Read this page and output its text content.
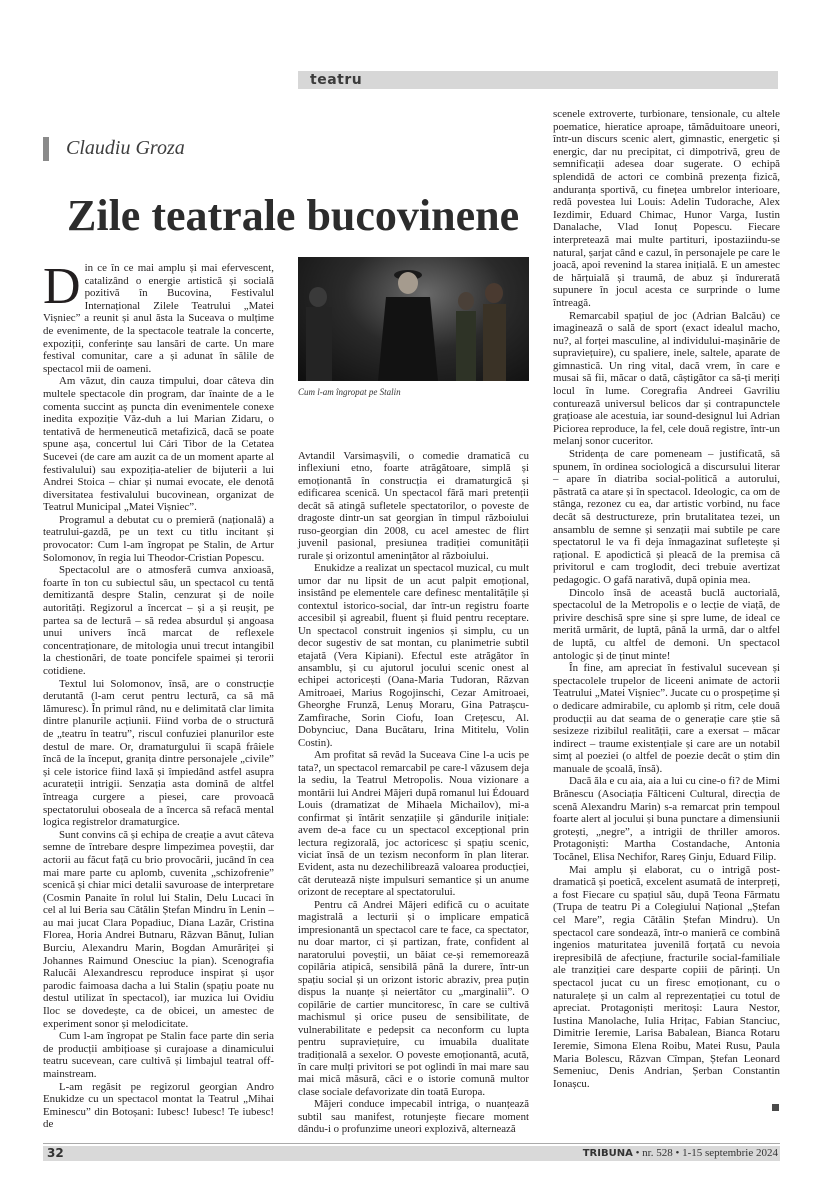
teatru
Claudiu Groza
Zile teatrale bucovinene

Din ce în ce mai amplu și mai efervescent, catalizând o energie artistică și socială pozitivă în Bucovina, Festivalul Internațional Zilele Teatrului „Matei Vișniec” a reunit și anul ăsta la Suceava o mulțime de evenimente, de la spectacole teatrale la concerte, expoziții, conferințe sau lansări de carte. Un mare festival comunitar, care a și adunat în sălile de spectacol mii de oameni.

Am văzut, din cauza timpului, doar câteva din multele spectacole din program, dar înainte de a le comenta succint aș puncta din evenimentele conexe inedita expoziție Văz-duh a lui Marian Zidaru, o tentativă de hermeneutică metafizică, dacă se poate spune așa, concertul lui Cári Tibor de la Cetatea Sucevei (de care am auzit ca de un moment aparte al festivalului) sau expoziția-atelier de bijuterii a lui Andrei Stoica – chiar și numai evocate, ele denotă diversitatea festivalului bucovinean, organizat de Teatrul Municipal „Matei Vișniec”.

Programul a debutat cu o premieră (națională) a teatrului-gazdă, pe un text cu titlu incitant și provocator: Cum l-am îngropat pe Stalin, de Artur Solomonov, în regia lui Theodor-Cristian Popescu.

Spectacolul are o atmosferă cumva anxioasă, foarte în ton cu subiectul său, un spectacol cu tentă demitizantă despre Stalin, cenzurat și de noile autorități. Regizorul a încercat – și a și reușit, pe partea sa de lectură – să redea absurdul și angoasa unui univers încă marcat de reflexele concentraționare, de mitologia unui trecut intangibil la chestionări, de toate poncifele spaimei și terorii cotidiene.

Textul lui Solomonov, însă, are o construcție derutantă (l-am cerut pentru lectură, ca să mă lămuresc). În primul rând, nu e delimitată clar limita dintre planurile acțiunii. Fiind vorba de o structură de „teatru în teatru”, riscul confuziei planurilor este destul de mare. Or, dramaturgului îi scapă frâiele încă de la început, granița dintre personajele „civile” și cele istorice fiind laxă și împiedând astfel asupra acurateții intrigii. Senzația asta domină de altfel întreaga curgere a piesei, care provoacă spectatorului oboseala de a încerca să refacă mental logica registrelor dramaturgice.

Sunt convins că și echipa de creație a avut câteva semne de întrebare despre limpezimea poveștii, dar actorii au făcut față cu brio provocării, jucând în cea mai mare parte cu aplomb, cuvenita „schizofrenie” scenică și chiar mici detalii savuroase de interpretare (Cosmin Panaite în rolul lui Stalin, Delu Lucaci în cel al lui Beria sau Cătălin Ștefan Mindru în Lenin – au mai jucat Clara Popadiuc, Diana Lazăr, Cristina Florea, Horia Andrei Butnaru, Răzvan Bănuț, Iulian Burciu, Alexandru Marin, Bogdan Amurăriței și Johannes Raimund Onesciuc la pian). Scenografia Ralucăi Alexandrescu reproduce inspirat și ușor parodic faimoasa dacha a lui Stalin (spațiu poate nu destul utilizat în spectacol), iar muzica lui Ovidiu Iloc se dovedește, ca de obicei, un amestec de experiment sonor și melodicitate.

Cum l-am îngropat pe Stalin face parte din seria de producții ambițioase și curajoase a dinamicului teatru sucevean, care cultivă și limbajul teatral off-mainstream.

L-am regăsit pe regizorul georgian Andro Enukidze cu un spectacol montat la Teatrul „Mihai Eminescu” din Botoșani: Iubesc! Iubesc! Te iubesc! de

Cum l-am îngropat pe Stalin

Avtandil Varsimașvili, o comedie dramatică cu inflexiuni etno, foarte atrăgătoare, simplă și emoționantă în construcția ei dramaturgică și edificarea scenică. Un spectacol fără mari pretenții decât să atingă sufletele spectatorilor, o poveste de dragoste dintr-un sat georgian în timpul războiului ruso-georgian din 2008, cu acel amestec de flirt juvenil pasional, presiunea tradiției comunității rurale și orizontul amenințător al războiului.

Enukidze a realizat un spectacol muzical, cu mult umor dar nu lipsit de un acut palpit emoțional, insistând pe elementele care definesc mentalitățile și contextul istorico-social, dar într-un registru foarte accesibil și agreabil, fluent și fluid pentru receptare. Un spectacol construit ingenios și simplu, cu un decor sugestiv de sat montan, cu planimetrie subtil etajată (Vera Kipiani). Efectul este atrăgător în ansamblu, și cu ajutorul jocului scenic onest al echipei actoricești (Oana-Maria Tudoran, Răzvan Amitroaei, Marius Rogojinschi, Cezar Amitroaei, Gheorghe Frunză, Lenuș Moraru, Gina Patrașcu-Zamfirache, Sorin Ciofu, Ioan Crețescu, Al. Dobynciuc, Dana Bucătaru, Irina Mititelu, Volin Costin).

Am profitat să revăd la Suceava Cine l-a ucis pe tata?, un spectacol remarcabil pe care-l văzusem deja la sediu, la Teatrul Metropolis. Noua vizionare a montării lui Andrei Măjeri după romanul lui Édouard Louis (dramatizat de Mihaela Michailov), mi-a confirmat și întărit senzațiile și gândurile inițiale: avem de-a face cu un spectacol excepțional prin lectura regizorală, joc actoricesc și spațiu scenic, viciat însă de un tezism neconform în plan literar. Evident, asta nu dezechilibrează valoarea producției, cât derutează niște impulsuri semantice și un anume orizont de receptare al spectatorului.

Pentru că Andrei Măjeri edifică cu o acuitate magistrală a lecturii și o implicare empatică impresionantă un spectacol care te face, ca spectator, nu doar martor, ci și partizan, frate, confident al naratorului poveștii, un băiat ce-și rememorează copilăria atipică, sensibilă până la durere, într-un spațiu social și un orizont istoric abraziv, prea puțin dispus la nuanțe și neiertător cu „marginalii”. O copilărie de cartier muncitoresc, în care se cultivă machismul și orice puseu de sensibilitate, de vulnerabilitate e pedepsit ca neconform cu lupta pentru supraviețuire, cu imuabila dualitate tradițională a sexelor. O poveste emoționantă, acută, în care mulți privitori se pot oglindi în mai mare sau mai mică măsură, căci e o istorie comună multor clase sociale defavorizate din toată Europa.

Măjeri conduce impecabil intriga, o nuanțează subtil sau manifest, rotunjește fiecare moment dându-i o profunzime uneori explozivă, alternează

scenele extroverte, turbionare, tensionale, cu altele poematice, hieratice aproape, tămăduitoare uneori, într-un discurs scenic alert, gimnastic, energetic și energic, dar nu precipitat, ci dimpotrivă, greu de semnificații adesea doar sugerate. O echipă splendidă de actori ce combină prezența fizică, anduranța sportivă, cu finețea umbrelor interioare, redă povestea lui Louis: Adelin Tudorache, Alex Iezdimir, Eduard Chimac, Hunor Varga, Iustin Danalache, Vlad Ionuț Popescu. Fiecare interpretează mai multe partituri, ipostaziindu-se natural, șarjat când e cazul, în personajele pe care le joacă, apoi revenind la starea inițială. E un amestec de hărțuială și traumă, de abuz și îndurerată supunere în jocul acesta ce surprinde o lume întreagă.

Remarcabil spațiul de joc (Adrian Balcău) ce imaginează o sală de sport (exact idealul macho, nu?, al forței masculine, al individului-mașinărie de supraviețuire), cu spaliere, inele, saltele, aparate de gimnastică. Un ring vital, dacă vrem, în care e musai să fii, măcar o dată, câștigător ca să-ți meriți locul în lume. Coregrafia Andreei Gavriliu conturează universul belicos dar și contrapunctele grațioase ale acestuia, iar sound-designul lui Adrian Piciorea reproduce, la fel, cele două registre, într-un melanj sonor cuceritor.

Stridența de care pomeneam – justificată, să spunem, în ordinea sociologică a discursului literar – apare în diatriba social-politică a autorului, păstrată ca atare și în spectacol. Ideologic, ca om de stânga, rezonez cu ea, dar artistic vorbind, nu face decât să destructureze, prin brutalitatea tezei, un ansamblu de semne și senzații mai subtile pe care spectatorul le va fi deja înmagazinat sufletește și rațional. E apodictică și pleacă de la premisa că privitorul e cam troglodit, deci trebuie avertizat pedagogic. O gafă narativă, după opinia mea.

Dincolo însă de această buclă auctorială, spectacolul de la Metropolis e o lecție de viață, de privire deschisă spre sine și spre lume, de ideal ce merită urmărit, de luptă, până la urmă, dar o altfel de luptă, cu altfel de demoni. Un spectacol antologic și de ținut minte!

În fine, am apreciat în festivalul sucevean și spectacolele trupelor de liceeni animate de actorii Teatrului „Matei Vișniec”. Jucate cu o prospețime și o dedicare admirabile, cu aplomb și ritm, cele două producții au dat seama de o generație care știe să sesizeze rizibilul realității, care a exersat – măcar indirect – traume existențiale și care are un notabil simț al poeziei (o altfel de poezie decât o știm din manuale de școală, însă).

Dacă ăla e cu aia, aia a lui cu cine-o fi? de Mimi Brănescu (Asociația Fălticeni Cultural, direcția de scenă Alexandru Marin) s-a remarcat prin tempoul foarte alert al jocului și buna punctare a dimensiunii grotești, „negre”, a intrigii de thriller amoros. Protagoniști: Martha Costandache, Antonia Tocănel, Elisa Nechifor, Rareș Ginju, Eduard Filip.

Mai amplu și elaborat, cu o intrigă post-dramatică și poetică, excelent asumată de interpreți, a fost Fiecare cu spațiul său, după Teona Fărmatu (Trupa de teatru Pi a Colegiului Național „Ștefan cel Mare”, regia Cătălin Ștefan Mindru). Un spectacol care sondează, într-o manieră ce combină ingenios maturitatea juvenilă forțată cu nevoia irepresibilă de afecțiune, fracturile social-familiale ale tranziției care desparte copiii de părinți. Un spectacol jucat cu un firesc emoționant, cu o naturalețe și un calm al reprezentației cu totul de apreciat. Protagoniști meritoși: Laura Nestor, Iustina Manolache, Iulia Hrițac, Fabian Stanciuc, Dimitrie Ieremie, Larisa Babalean, Bianca Rotaru Ieremie, Simona Elena Roibu, Matei Rusu, Paula Maria Bolescu, Răzvan Cîmpan, Ștefan Leonard Semeniuc, Denis Andrian, Șerban Constantin Ionașcu.

32	TRIBUNA • nr. 528 • 1-15 septembrie 2024
